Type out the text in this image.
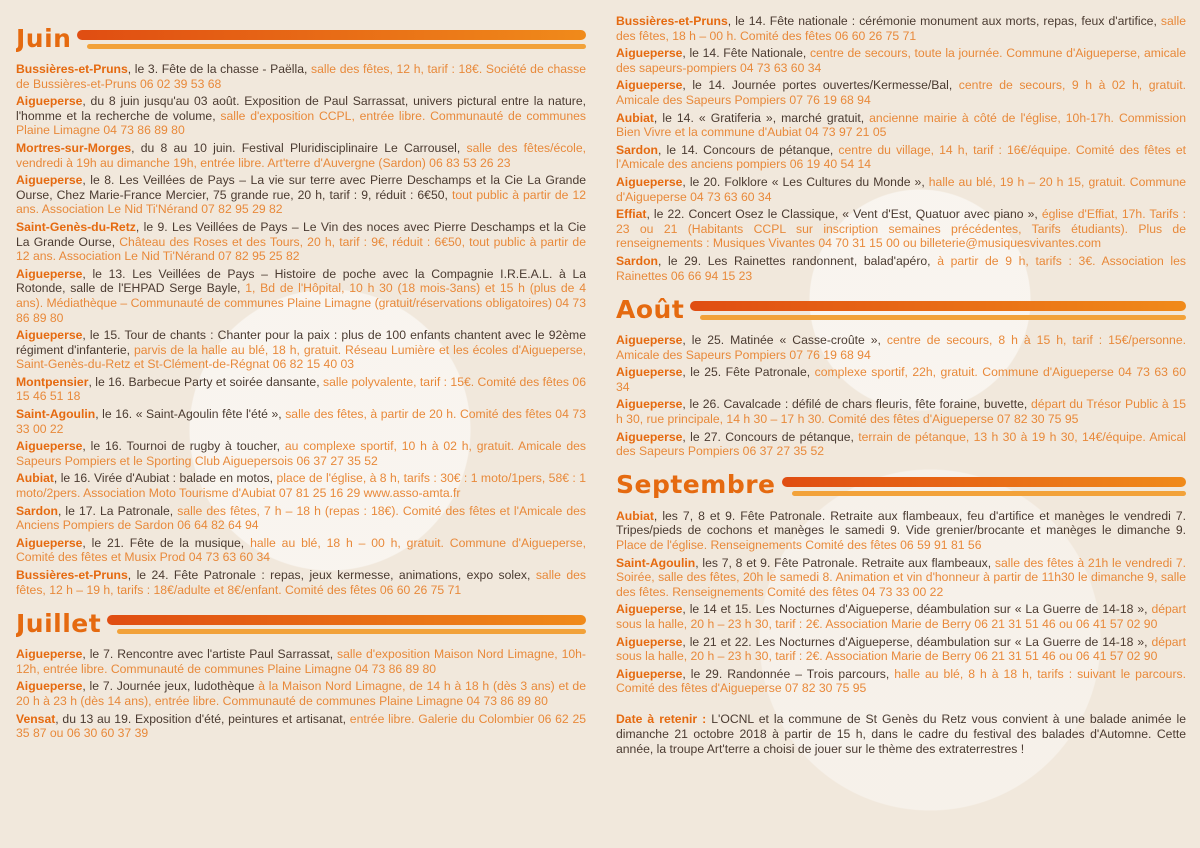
Juin

Bussières-et-Pruns, le 3. Fête de la chasse - Paëlla, salle des fêtes, 12 h, tarif : 18€. Société de chasse de Bussières-et-Pruns 06 02 39 53 68

Aigueperse, du 8 juin jusqu'au 03 août. Exposition de Paul Sarrassat, univers pictural entre la nature, l'homme et la recherche de volume, salle d'exposition CCPL, entrée libre. Communauté de communes Plaine Limagne 04 73 86 89 80

Mortres-sur-Morges, du 8 au 10 juin. Festival Pluridisciplinaire Le Carrousel, salle des fêtes/école, vendredi à 19h au dimanche 19h, entrée libre. Art'terre d'Auvergne (Sardon) 06 83 53 26 23

Aigueperse, le 8. Les Veillées de Pays – La vie sur terre avec Pierre Deschamps et la Cie La Grande Ourse, Chez Marie-France Mercier, 75 grande rue, 20 h, tarif : 9, réduit : 6€50, tout public à partir de 12 ans. Association Le Nid Ti'Nérand 07 82 95 29 82

Saint-Genès-du-Retz, le 9. Les Veillées de Pays – Le Vin des noces avec Pierre Deschamps et la Cie La Grande Ourse, Château des Roses et des Tours, 20 h, tarif : 9€, réduit : 6€50, tout public à partir de 12 ans. Association Le Nid Ti'Nérand 07 82 95 25 82

Aigueperse, le 13. Les Veillées de Pays – Histoire de poche avec la Compagnie I.R.E.A.L. à La Rotonde, salle de l'EHPAD Serge Bayle, 1, Bd de l'Hôpital, 10 h 30 (18 mois-3ans) et 15 h (plus de 4 ans). Médiathèque – Communauté de communes Plaine Limagne (gratuit/réservations obligatoires) 04 73 86 89 80

Aigueperse, le 15. Tour de chants : Chanter pour la paix : plus de 100 enfants chantent avec le 92ème régiment d'infanterie, parvis de la halle au blé, 18 h, gratuit. Réseau Lumière et les écoles d'Aigueperse, Saint-Genès-du-Retz et St-Clément-de-Régnat 06 82 15 40 03

Montpensier, le 16. Barbecue Party et soirée dansante, salle polyvalente, tarif : 15€. Comité des fêtes 06 15 46 51 18

Saint-Agoulin, le 16. « Saint-Agoulin fête l'été », salle des fêtes, à partir de 20 h. Comité des fêtes 04 73 33 00 22

Aigueperse, le 16. Tournoi de rugby à toucher, au complexe sportif, 10 h à 02 h, gratuit. Amicale des Sapeurs Pompiers et le Sporting Club Aiguepersois 06 37 27 35 52

Aubiat, le 16. Virée d'Aubiat : balade en motos, place de l'église, à 8 h, tarifs : 30€ : 1 moto/1pers, 58€ : 1 moto/2pers. Association Moto Tourisme d'Aubiat 07 81 25 16 29 www.asso-amta.fr

Sardon, le 17. La Patronale, salle des fêtes, 7 h – 18 h (repas : 18€). Comité des fêtes et l'Amicale des Anciens Pompiers de Sardon 06 64 82 64 94

Aigueperse, le 21. Fête de la musique, halle au blé, 18 h – 00 h, gratuit. Commune d'Aigueperse, Comité des fêtes et Musix Prod 04 73 63 60 34

Bussières-et-Pruns, le 24. Fête Patronale : repas, jeux kermesse, animations, expo solex, salle des fêtes, 12 h – 19 h, tarifs : 18€/adulte et 8€/enfant. Comité des fêtes 06 60 26 75 71

Juillet

Aigueperse, le 7. Rencontre avec l'artiste Paul Sarrassat, salle d'exposition Maison Nord Limagne, 10h-12h, entrée libre. Communauté de communes Plaine Limagne 04 73 86 89 80

Aigueperse, le 7. Journée jeux, ludothèque à la Maison Nord Limagne, de 14 h à 18 h (dès 3 ans) et de 20 h à 23 h (dès 14 ans), entrée libre. Communauté de communes Plaine Limagne 04 73 86 89 80

Vensat, du 13 au 19. Exposition d'été, peintures et artisanat, entrée libre. Galerie du Colombier 06 62 25 35 87 ou 06 30 60 37 39

Bussières-et-Pruns, le 14. Fête nationale : cérémonie monument aux morts, repas, feux d'artifice, salle des fêtes, 18 h – 00 h. Comité des fêtes 06 60 26 75 71

Aigueperse, le 14. Fête Nationale, centre de secours, toute la journée. Commune d'Aigueperse, amicale des sapeurs-pompiers 04 73 63 60 34

Aigueperse, le 14. Journée portes ouvertes/Kermesse/Bal, centre de secours, 9 h à 02 h, gratuit. Amicale des Sapeurs Pompiers 07 76 19 68 94

Aubiat, le 14. « Gratiferia », marché gratuit, ancienne mairie à côté de l'église, 10h-17h. Commission Bien Vivre et la commune d'Aubiat 04 73 97 21 05

Sardon, le 14. Concours de pétanque, centre du village, 14 h, tarif : 16€/équipe. Comité des fêtes et l'Amicale des anciens pompiers 06 19 40 54 14

Aigueperse, le 20. Folklore « Les Cultures du Monde », halle au blé, 19 h – 20 h 15, gratuit. Commune d'Aigueperse 04 73 63 60 34

Effiat, le 22. Concert Osez le Classique, « Vent d'Est, Quatuor avec piano », église d'Effiat, 17h. Tarifs : 23 ou 21 (Habitants CCPL sur inscription semaines précédentes, Tarifs étudiants). Plus de renseignements : Musiques Vivantes 04 70 31 15 00 ou billeterie@musiquesvivantes.com

Sardon, le 29. Les Rainettes randonnent, balad'apéro, à partir de 9 h, tarifs : 3€. Association les Rainettes 06 66 94 15 23

Août

Aigueperse, le 25. Matinée « Casse-croûte », centre de secours, 8 h à 15 h, tarif : 15€/personne. Amicale des Sapeurs Pompiers 07 76 19 68 94

Aigueperse, le 25. Fête Patronale, complexe sportif, 22h, gratuit. Commune d'Aigueperse 04 73 63 60 34

Aigueperse, le 26. Cavalcade : défilé de chars fleuris, fête foraine, buvette, départ du Trésor Public à 15 h 30, rue principale, 14 h 30 – 17 h 30. Comité des fêtes d'Aigueperse 07 82 30 75 95

Aigueperse, le 27. Concours de pétanque, terrain de pétanque, 13 h 30 à 19 h 30, 14€/équipe. Amical des Sapeurs Pompiers 06 37 27 35 52

Septembre

Aubiat, les 7, 8 et 9. Fête Patronale. Retraite aux flambeaux, feu d'artifice et manèges le vendredi 7. Tripes/pieds de cochons et manèges le samedi 9. Vide grenier/brocante et manèges le dimanche 9. Place de l'église. Renseignements Comité des fêtes 06 59 91 81 56

Saint-Agoulin, les 7, 8 et 9. Fête Patronale. Retraite aux flambeaux, salle des fêtes à 21h le vendredi 7. Soirée, salle des fêtes, 20h le samedi 8. Animation et vin d'honneur à partir de 11h30 le dimanche 9, salle des fêtes. Renseignements Comité des fêtes 04 73 33 00 22

Aigueperse, le 14 et 15. Les Nocturnes d'Aigueperse, déambulation sur « La Guerre de 14-18 », départ sous la halle, 20 h – 23 h 30, tarif : 2€. Association Marie de Berry 06 21 31 51 46 ou 06 41 57 02 90

Aigueperse, le 21 et 22. Les Nocturnes d'Aigueperse, déambulation sur « La Guerre de 14-18 », départ sous la halle, 20 h – 23 h 30, tarif : 2€. Association Marie de Berry 06 21 31 51 46 ou 06 41 57 02 90

Aigueperse, le 29. Randonnée – Trois parcours, halle au blé, 8 h à 18 h, tarifs : suivant le parcours. Comité des fêtes d'Aigueperse 07 82 30 75 95

Date à retenir : L'OCNL et la commune de St Genès du Retz vous convient à une balade animée le dimanche 21 octobre 2018 à partir de 15 h, dans le cadre du festival des balades d'Automne. Cette année, la troupe Art'terre a choisi de jouer sur le thème des extraterrestres !
